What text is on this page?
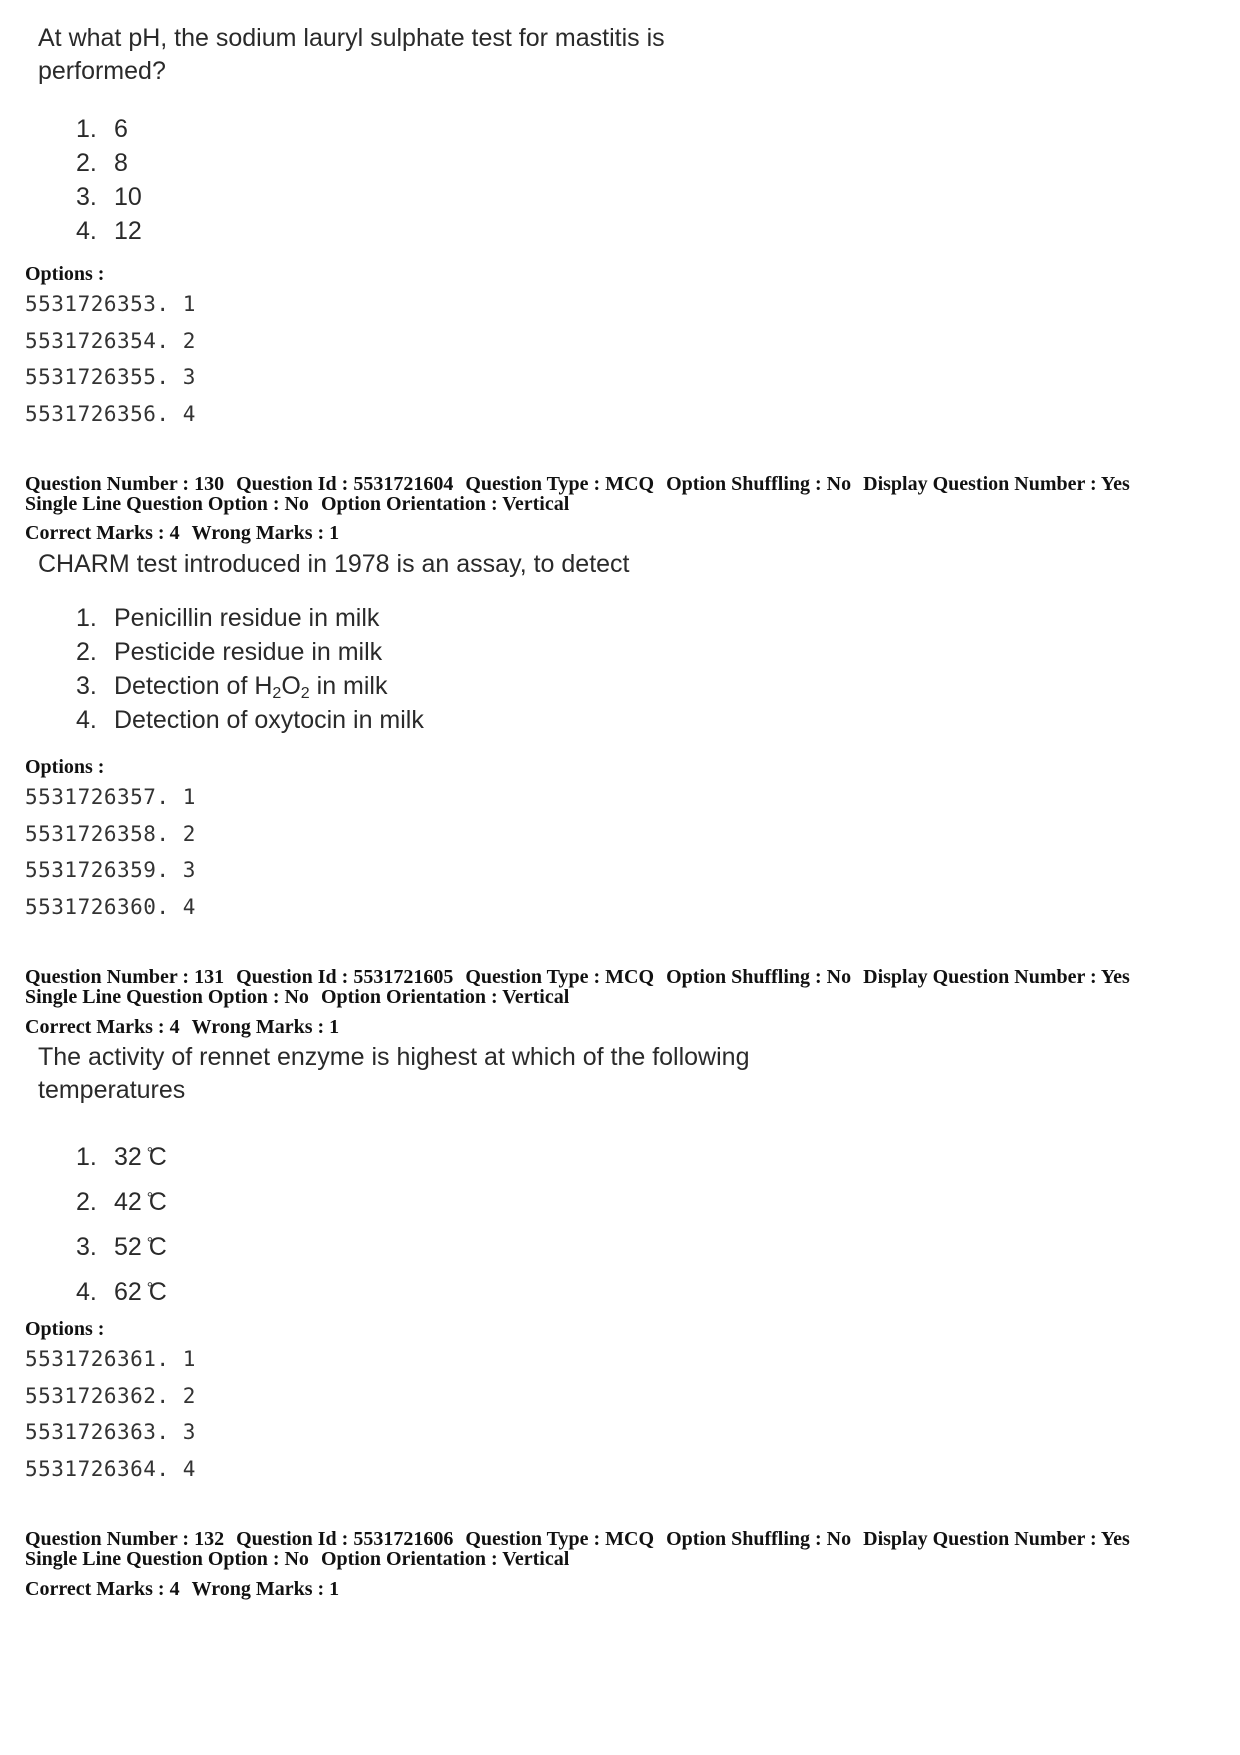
At what pH, the sodium lauryl sulphate test for mastitis is
performed?
1. 6
2. 8
3. 10
4. 12
Options :
5531726353. 1
5531726354. 2
5531726355. 3
5531726356. 4
Question Number : 130 Question Id : 5531721604 Question Type : MCQ Option Shuffling : No Display Question Number : Yes
Single Line Question Option : No Option Orientation : Vertical
Correct Marks : 4 Wrong Marks : 1
CHARM test introduced in 1978 is an assay, to detect
1. Penicillin residue in milk
2. Pesticide residue in milk
3. Detection of $H_2O_2$ in milk
4. Detection of oxytocin in milk
Options :
5531726357. 1
5531726358. 2
5531726359. 3
5531726360. 4
Question Number : 131 Question Id : 5531721605 Question Type : MCQ Option Shuffling : No Display Question Number : Yes
Single Line Question Option : No Option Orientation : Vertical
Correct Marks : 4 Wrong Marks : 1
The activity of rennet enzyme is highest at which of the following
temperatures
1. 32 ° C
2. 42 ° C
3. 52 ° C
4. 62 ° C
Options :
5531726361. 1
5531726362. 2
5531726363. 3
5531726364. 4
Question Number : 132 Question Id : 5531721606 Question Type : MCQ Option Shuffling : No Display Question Number : Yes
Single Line Question Option : No Option Orientation : Vertical
Correct Marks : 4 Wrong Marks : 1
